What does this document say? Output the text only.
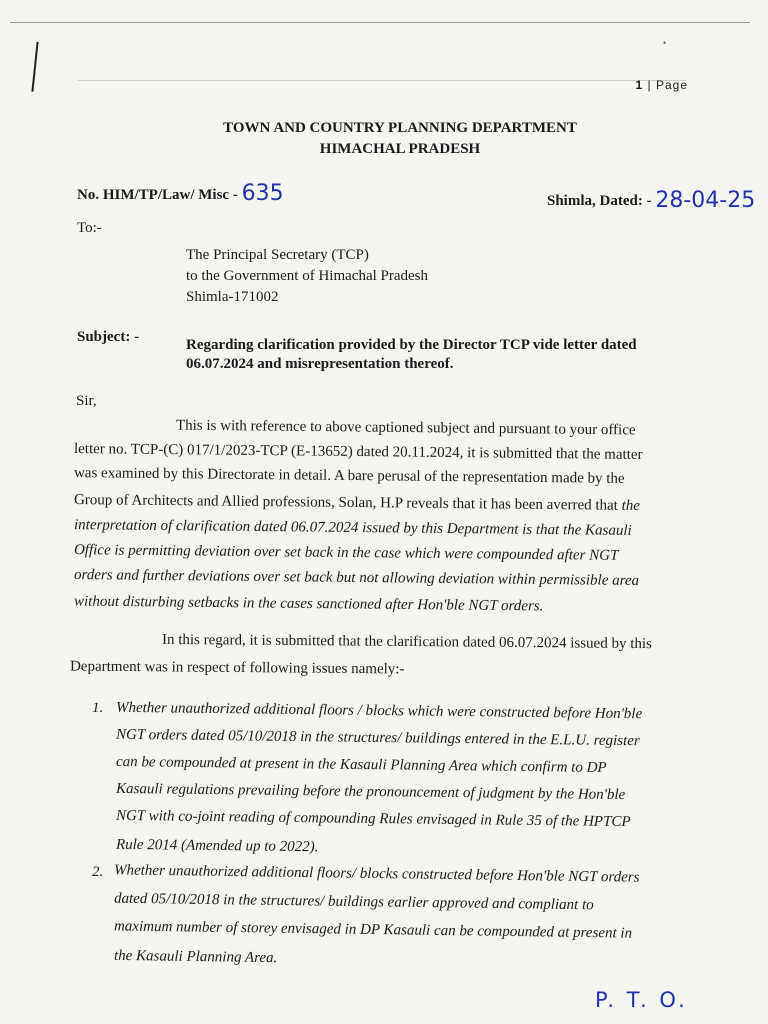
•
1 | Page
TOWN AND COUNTRY PLANNING DEPARTMENT
HIMACHAL PRADESH
No. HIM/TP/Law/ Misc - 635	Shimla, Dated: - 28-04-25
To:-
The Principal Secretary (TCP)
to the Government of Himachal Pradesh
Shimla-171002
Subject: -	Regarding clarification provided by the Director TCP vide letter dated
06.07.2024 and misrepresentation thereof.
Sir,
This is with reference to above captioned subject and pursuant to your office
letter no. TCP-(C) 017/1/2023-TCP (E-13652) dated 20.11.2024, it is submitted that the matter
was examined by this Directorate in detail. A bare perusal of the representation made by the
Group of Architects and Allied professions, Solan, H.P reveals that it has been averred that the
interpretation of clarification dated 06.07.2024 issued by this Department is that the Kasauli
Office is permitting deviation over set back in the case which were compounded after NGT
orders and further deviations over set back but not allowing deviation within permissible area
without disturbing setbacks in the cases sanctioned after Hon'ble NGT orders.
In this regard, it is submitted that the clarification dated 06.07.2024 issued by this
Department was in respect of following issues namely:-
1. Whether unauthorized additional floors / blocks which were constructed before Hon'ble
NGT orders dated 05/10/2018 in the structures/ buildings entered in the E.L.U. register
can be compounded at present in the Kasauli Planning Area which confirm to DP
Kasauli regulations prevailing before the pronouncement of judgment by the Hon'ble
NGT with co-joint reading of compounding Rules envisaged in Rule 35 of the HPTCP
Rule 2014 (Amended up to 2022).
2. Whether unauthorized additional floors/ blocks constructed before Hon'ble NGT orders
dated 05/10/2018 in the structures/ buildings earlier approved and compliant to
maximum number of storey envisaged in DP Kasauli can be compounded at present in
the Kasauli Planning Area.
P. T. O.
